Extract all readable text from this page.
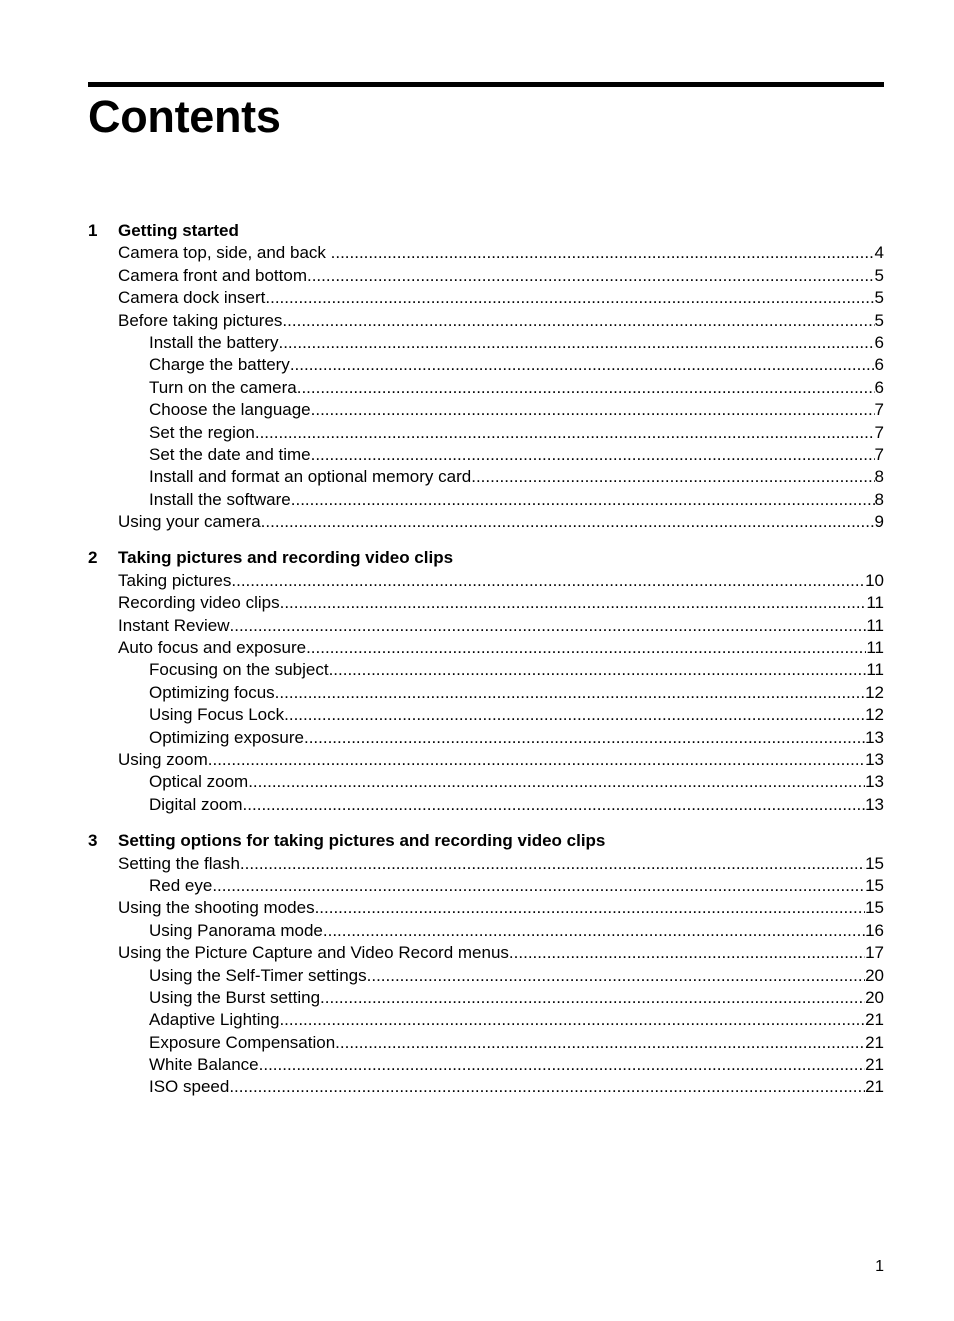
Contents
1	Getting started
Camera top, side, and back .....	4
Camera front and bottom .....	5
Camera dock insert .....	5
Before taking pictures .....	5
Install the battery .....	6
Charge the battery .....	6
Turn on the camera .....	6
Choose the language .....	7
Set the region .....	7
Set the date and time .....	7
Install and format an optional memory card .....	8
Install the software .....	8
Using your camera .....	9
2	Taking pictures and recording video clips
Taking pictures .....	10
Recording video clips .....	11
Instant Review .....	11
Auto focus and exposure .....	11
Focusing on the subject .....	11
Optimizing focus .....	12
Using Focus Lock .....	12
Optimizing exposure .....	13
Using zoom .....	13
Optical zoom .....	13
Digital zoom .....	13
3	Setting options for taking pictures and recording video clips
Setting the flash .....	15
Red eye .....	15
Using the shooting modes .....	15
Using Panorama mode .....	16
Using the Picture Capture and Video Record menus .....	17
Using the Self-Timer settings .....	20
Using the Burst setting .....	20
Adaptive Lighting .....	21
Exposure Compensation .....	21
White Balance .....	21
ISO speed .....	21
1
